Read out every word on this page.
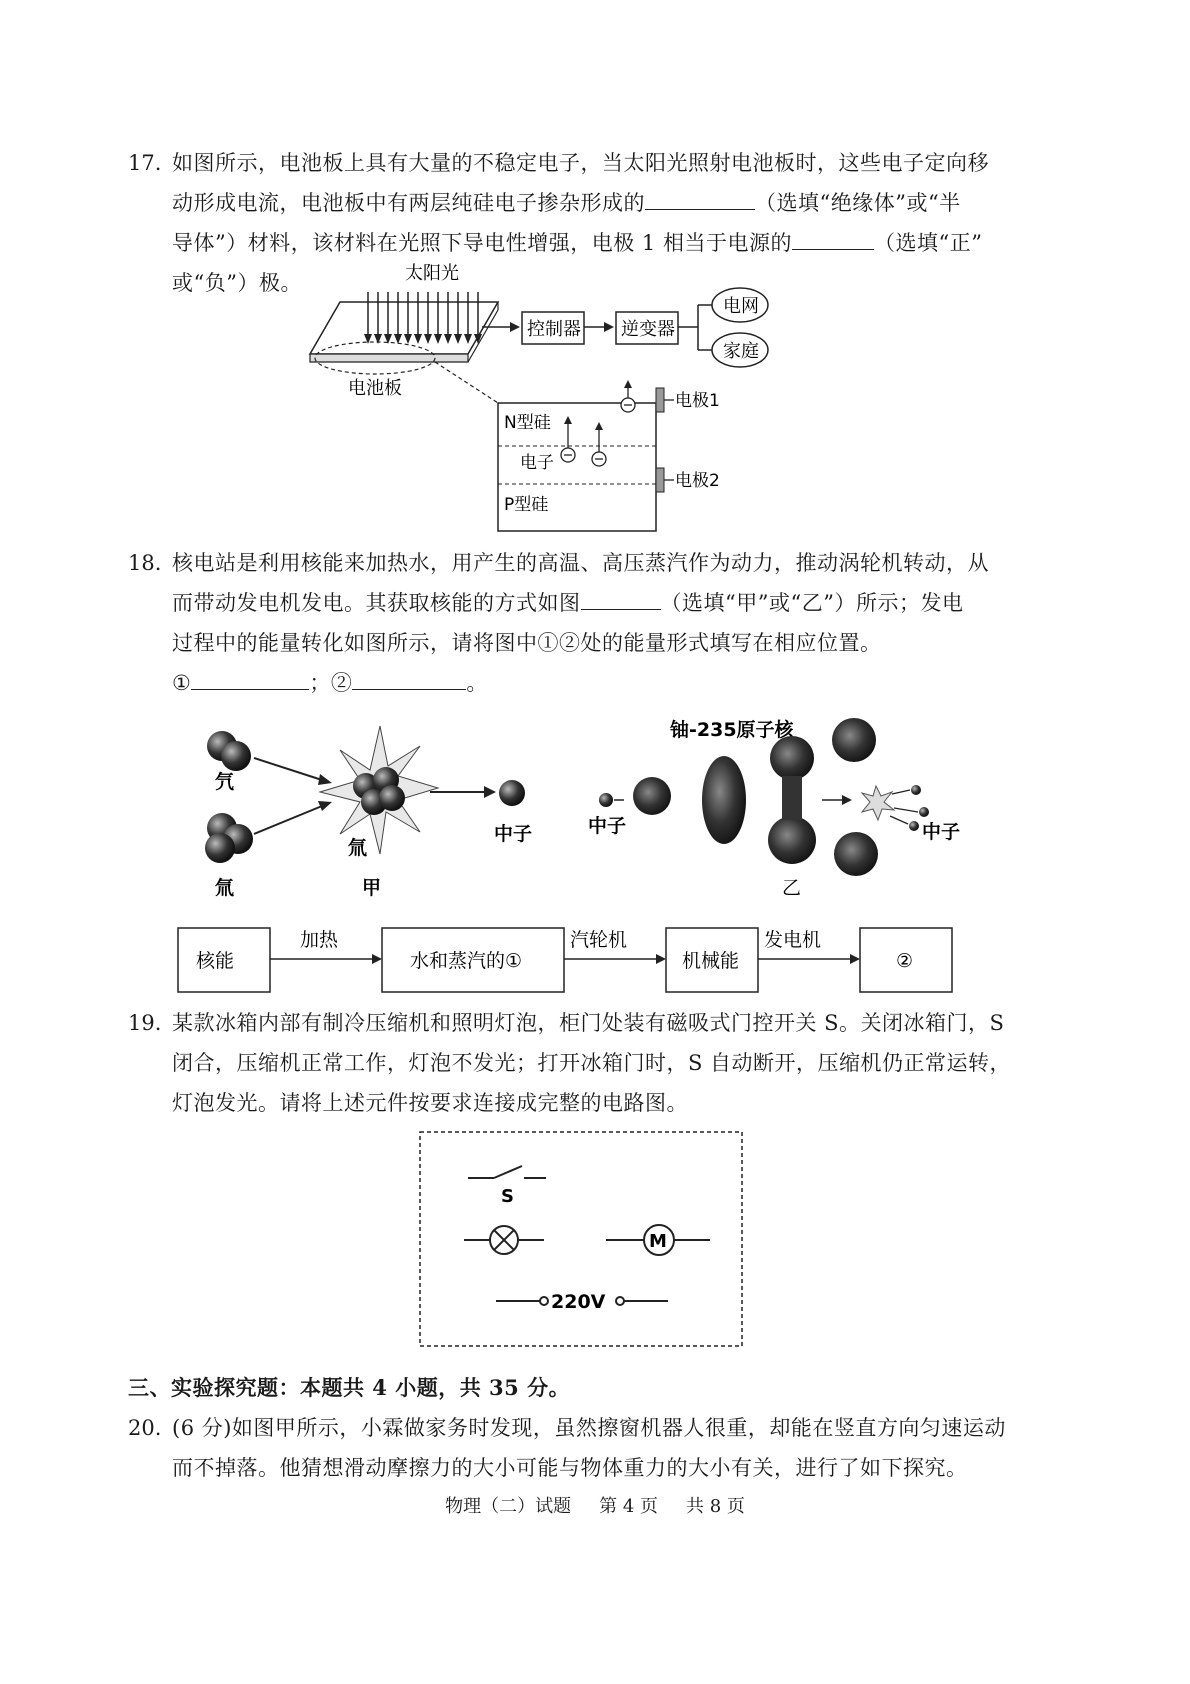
17. 如图所示，电池板上具有大量的不稳定电子，当太阳光照射电池板时，这些电子定向移
动形成电流，电池板中有两层纯硅电子掺杂形成的	（选填“绝缘体”或“半
导体”）材料，该材料在光照下导电性增强，电极 1 相当于电源的	（选填“正”
或“负”）极。	太阳光
电池板
控制器 逆变器
电网
家庭
N型硅
电子
P型硅
电极1
电极2
18. 核电站是利用核能来加热水，用产生的高温、高压蒸汽作为动力，推动涡轮机转动，从
而带动发电机发电。其获取核能的方式如图	（选填“甲”或“乙”）所示；发电
过程中的能量转化如图所示，请将图中①②处的能量形式填写在相应位置。
①	；②	。
氕
氚
氚
中子
甲
铀-235原子核
中子	中子
乙
核能
加热
水和蒸汽的①
汽轮机
机械能
发电机
②
19. 某款冰箱内部有制冷压缩机和照明灯泡，柜门处装有磁吸式门控开关 S。关闭冰箱门，S
闭合，压缩机正常工作，灯泡不发光；打开冰箱门时，S 自动断开，压缩机仍正常运转，
灯泡发光。请将上述元件按要求连接成完整的电路图。
S
M
220V
三、实验探究题：本题共 4 小题，共 35 分。
20. (6 分)如图甲所示，小霖做家务时发现，虽然擦窗机器人很重，却能在竖直方向匀速运动
而不掉落。他猜想滑动摩擦力的大小可能与物体重力的大小有关，进行了如下探究。
物理（二）试题 第 4 页 共 8 页
